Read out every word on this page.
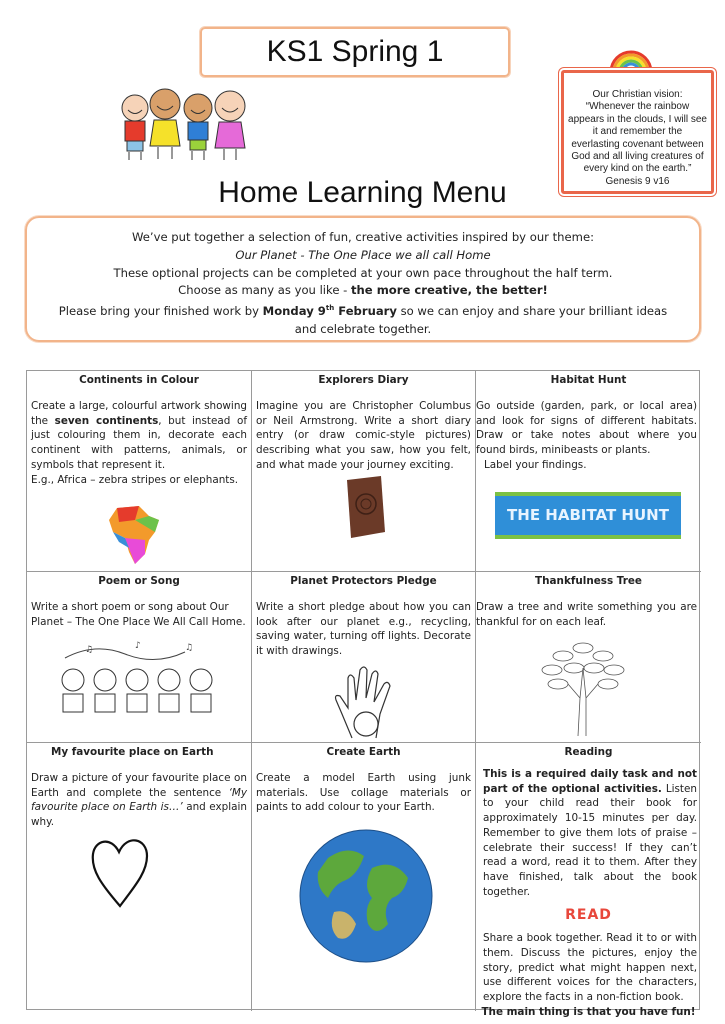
KS1 Spring 1
Our Christian vision: “Whenever the rainbow appears in the clouds, I will see it and remember the everlasting covenant between God and all living creatures of every kind on the earth.” Genesis 9 v16
Home Learning Menu

We’ve put together a selection of fun, creative activities inspired by our theme:

Our Planet - The One Place we all call Home

These optional projects can be completed at your own pace throughout the half term.

Choose as many as you like - the more creative, the better!

Please bring your finished work by Monday 9th February so we can enjoy and share your brilliant ideas and celebrate together.

Continents in Colour

Create a large, colourful artwork showing the seven continents, but instead of just colouring them in, decorate each continent with patterns, animals, or symbols that represent it.

E.g., Africa – zebra stripes or elephants.

Explorers Diary

Imagine you are Christopher Columbus or Neil Armstrong. Write a short diary entry (or draw comic-style pictures) describing what you saw, how you felt, and what made your journey exciting.

Habitat Hunt

Go outside (garden, park, or local area) and look for signs of different habitats. Draw or take notes about where you found birds, minibeasts or plants.

Label your findings.

THE HABITAT HUNT
Poem or Song

Write a short poem or song about Our Planet – The One Place We All Call Home.

♫	♪	♫
Planet Protectors Pledge

Write a short pledge about how you can look after our planet e.g., recycling, saving water, turning off lights. Decorate it with drawings.

Thankfulness Tree

Draw a tree and write something you are thankful for on each leaf.

My favourite place on Earth

Draw a picture of your favourite place on Earth and complete the sentence ‘My favourite place on Earth is…’ and explain why.

Create Earth

Create a model Earth using junk materials. Use collage materials or paints to add colour to your Earth.

Reading

This is a required daily task and not part of the optional activities. Listen to your child read their book for approximately 10-15 minutes per day. Remember to give them lots of praise – celebrate their success! If they can’t read a word, read it to them. After they have finished, talk about the book together.

READ

Share a book together. Read it to or with them. Discuss the pictures, enjoy the story, predict what might happen next, use different voices for the characters, explore the facts in a non-fiction book.

The main thing is that you have fun!
